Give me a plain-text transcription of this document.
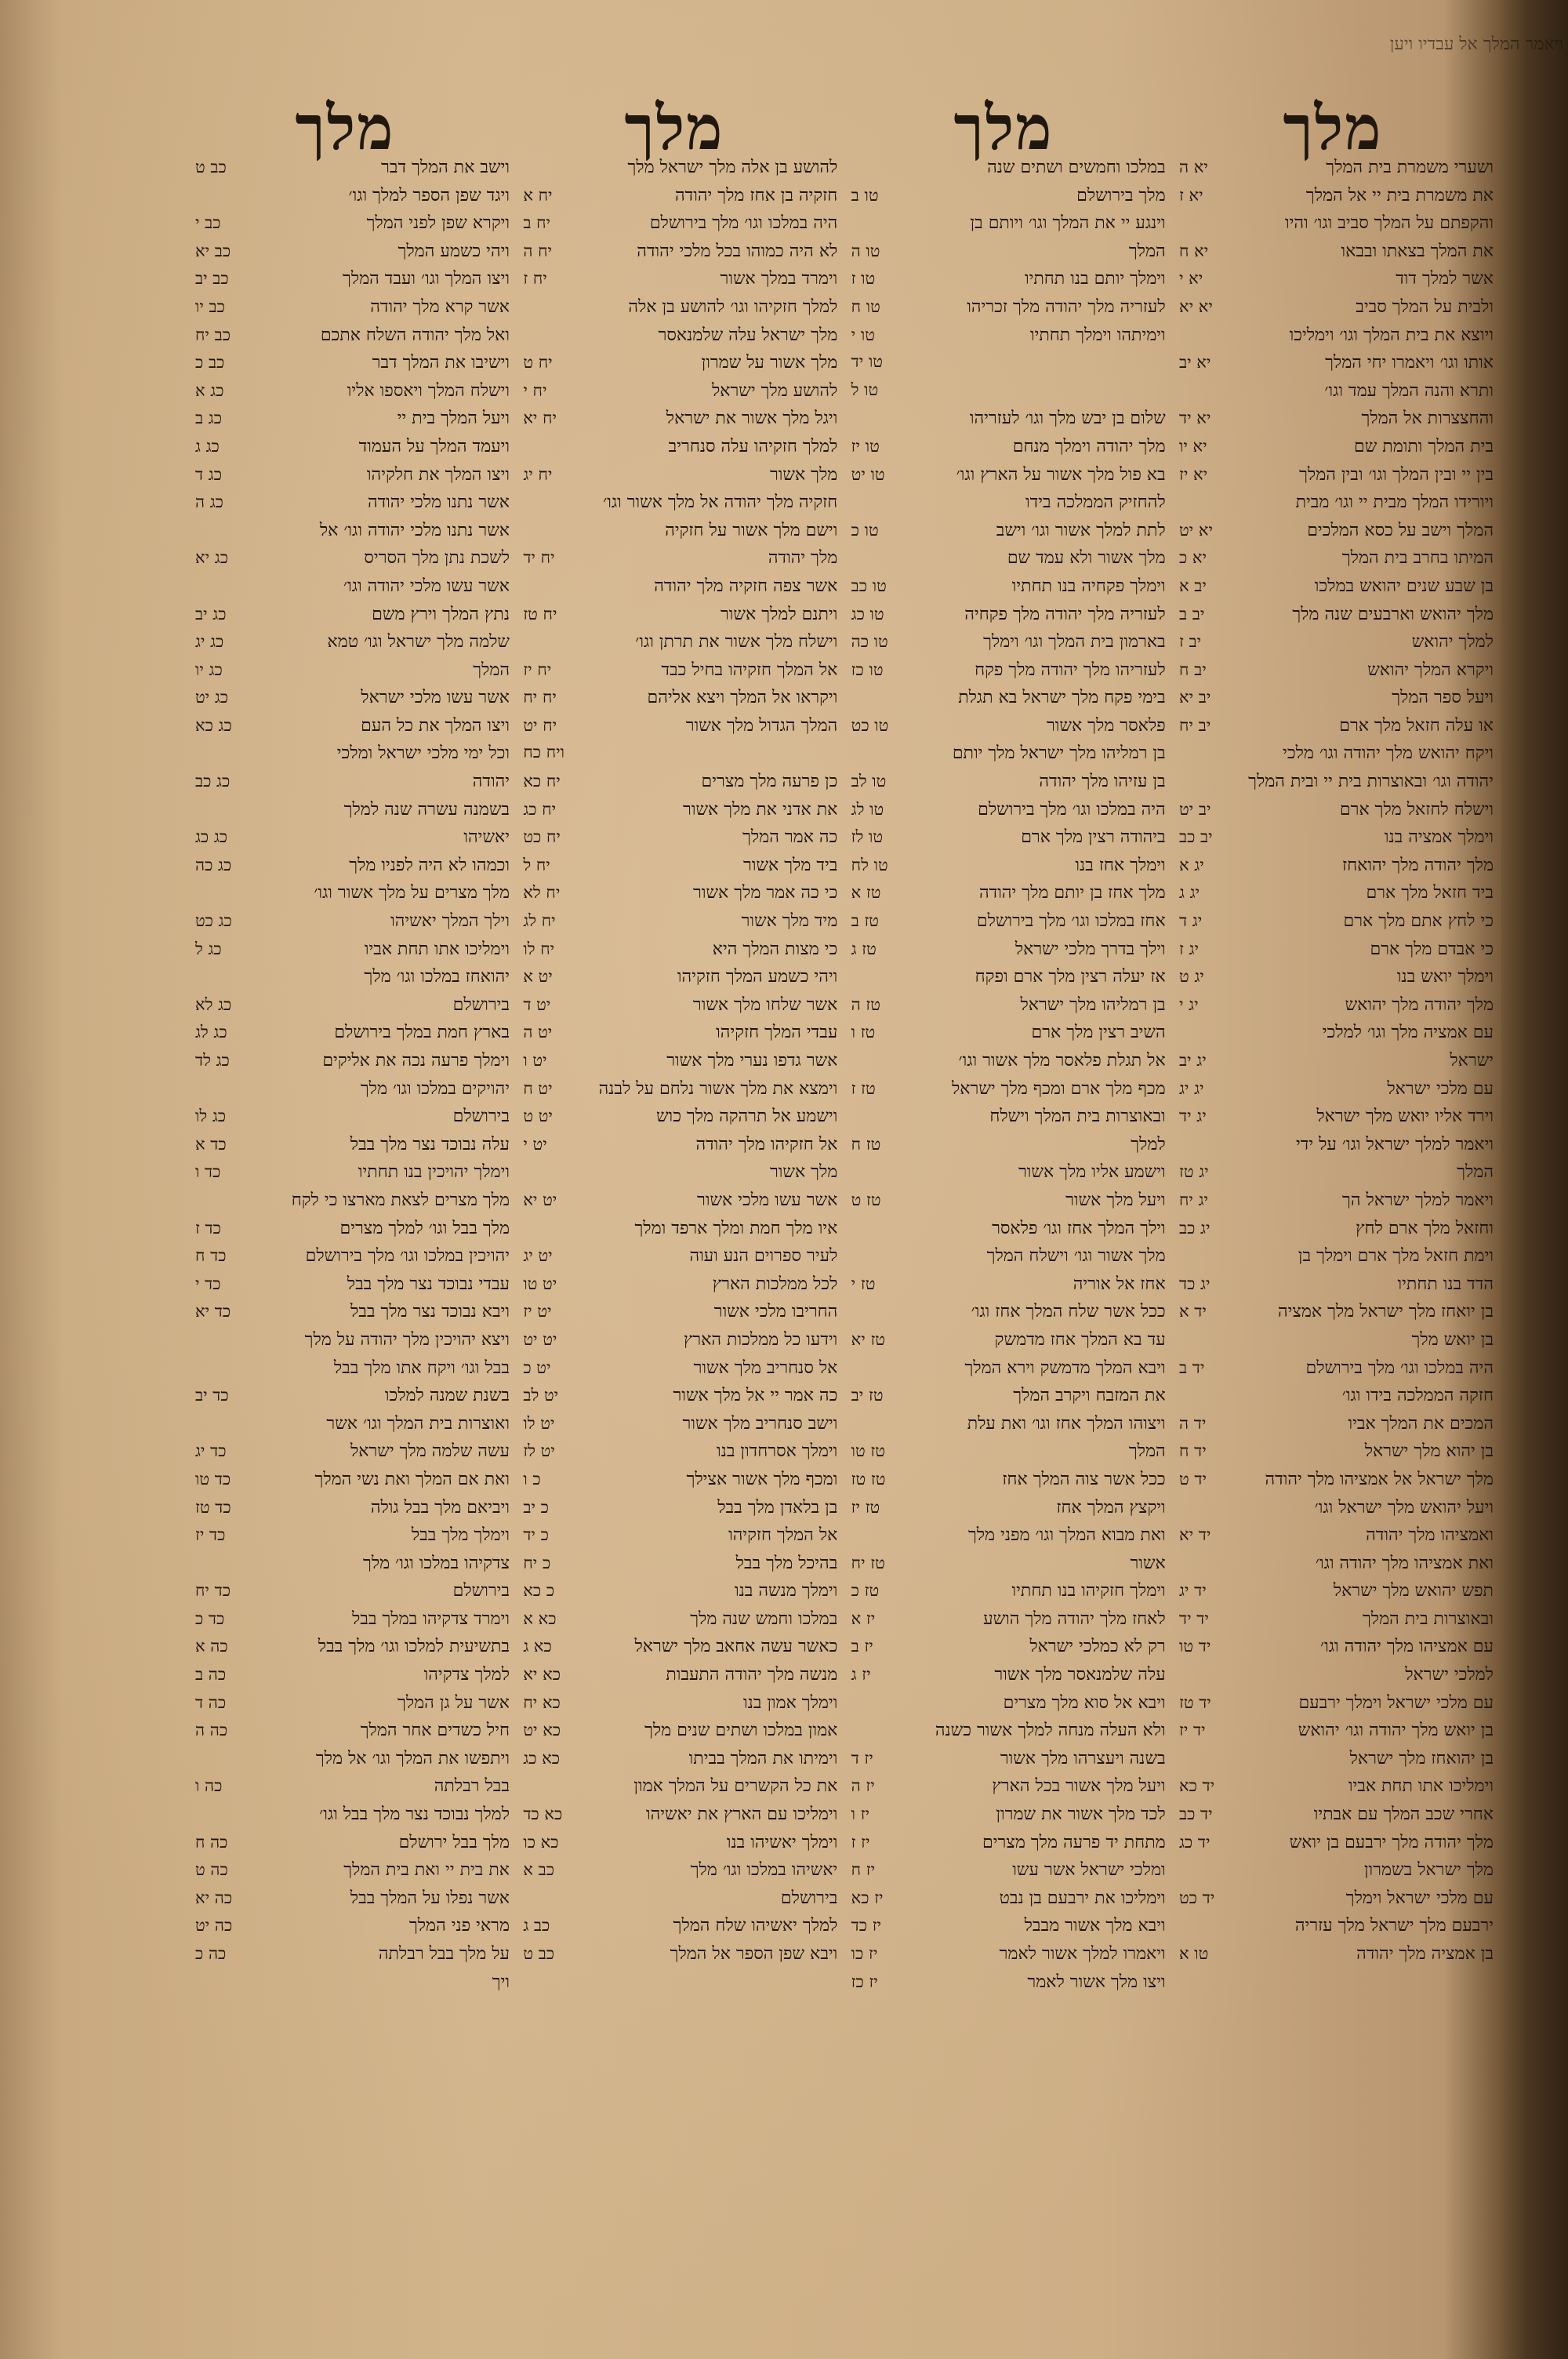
ויאמר המלך אל עבדיו ויען
מלך
מלך
מלך
מלך
ושערי משמרת בית המלך
יא ה
את משמרת בית יי אל המלך
יא ז
והקפתם על המלך סביב וגו׳ והיו
את המלך בצאתו ובבאו
יא ח
אשר למלך דוד
יא י
ולבית על המלך סביב
יא יא
ויוצא את בית המלך וגו׳ וימליכו
אותו וגו׳ ויאמרו יחי המלך
יא יב
ותרא והנה המלך עמד וגו׳
והחצצרות אל המלך
יא יד
בית המלך ותומת שם
יא יו
בין יי ובין המלך וגו׳ ובין המלך
יא יז
ויורידו המלך מבית יי וגו׳ מבית
המלך וישב על כסא המלכים
יא יט
המיתו בחרב בית המלך
יא כ
בן שבע שנים יהואש במלכו
יב א
מלך יהואש וארבעים שנה מלך
יב ב
למלך יהואש
יב ז
ויקרא המלך יהואש
יב ח
ויעל ספר המלך
יב יא
או עלה חזאל מלך ארם
יב יח
ויקח יהואש מלך יהודה וגו׳ מלכי
יהודה וגו׳ ובאוצרות בית יי ובית המלך
וישלח לחזאל מלך ארם
יב יט
וימלך אמציה בנו
יב כב
מלך יהודה מלך יהואחז
יג א
ביד חזאל מלך ארם
יג ג
כי לחץ אתם מלך ארם
יג ד
כי אבדם מלך ארם
יג ז
וימלך יואש בנו
יג ט
מלך יהודה מלך יהואש
יג י
עם אמציה מלך וגו׳ למלכי
ישראל
יג יב
עם מלכי ישראל
יג יג
וירד אליו יואש מלך ישראל
יג יד
ויאמר למלך ישראל וגו׳ על ידי
המלך
יג טז
ויאמר למלך ישראל הך
יג יח
וחזאל מלך ארם לחץ
יג כב
וימת חזאל מלך ארם וימלך בן
הדד בנו תחתיו
יג כד
בן יואחז מלך ישראל מלך אמציה
יד א
בן יואש מלך
היה במלכו וגו׳ מלך בירושלם
יד ב
חזקה הממלכה בידו וגו׳
המכים את המלך אביו
יד ה
בן יהוא מלך ישראל
יד ח
מלך ישראל אל אמציהו מלך יהודה
יד ט
ויעל יהואש מלך ישראל וגו׳
ואמציהו מלך יהודה
יד יא
ואת אמציהו מלך יהודה וגו׳
תפש יהואש מלך ישראל
יד יג
ובאוצרות בית המלך
יד יד
עם אמציהו מלך יהודה וגו׳
יד טו
למלכי ישראל
עם מלכי ישראל וימלך ירבעם
יד טז
בן יואש מלך יהודה וגו׳ יהואש
יד יז
בן יהואחז מלך ישראל
וימליכו אתו תחת אביו
יד כא
אחרי שכב המלך עם אבתיו
יד כב
מלך יהודה מלך ירבעם בן יואש
יד כג
מלך ישראל בשמרון
עם מלכי ישראל וימלך
יד כט
ירבעם מלך ישראל מלך עזריה
בן אמציה מלך יהודה
טו א
במלכו וחמשים ושתים שנה
מלך בירושלם
טו ב
וינגע יי את המלך וגו׳ ויותם בן
המלך
טו ה
וימלך יותם בנו תחתיו
טו ז
לעזריה מלך יהודה מלך זכריהו
טו ח
וימיתהו וימלך תחתיו
טו י
טו יד
טו ל
שלום בן יבש מלך וגו׳ לעזריהו
מלך יהודה וימלך מנחם
טו יז
בא פול מלך אשור על הארץ וגו׳
טו יט
להחזיק הממלכה בידו
לתת למלך אשור וגו׳ וישב
טו כ
מלך אשור ולא עמד שם
וימלך פקחיה בנו תחתיו
טו כב
לעזריה מלך יהודה מלך פקחיה
טו כג
בארמון בית המלך וגו׳ וימלך
טו כה
לעזריהו מלך יהודה מלך פקח
טו כז
בימי פקח מלך ישראל בא תגלת
פלאסר מלך אשור
טו כט
בן רמליהו מלך ישראל מלך יותם
בן עזיהו מלך יהודה
טו לב
היה במלכו וגו׳ מלך בירושלם
טו לג
ביהודה רצין מלך ארם
טו לז
וימלך אחז בנו
טו לח
מלך אחז בן יותם מלך יהודה
טז א
אחז במלכו וגו׳ מלך בירושלם
טז ב
וילך בדרך מלכי ישראל
טז ג
אז יעלה רצין מלך ארם ופקח
בן רמליהו מלך ישראל
טז ה
השיב רצין מלך ארם
טז ו
אל תגלת פלאסר מלך אשור וגו׳
מכף מלך ארם ומכף מלך ישראל
טז ז
ובאוצרות בית המלך וישלח
למלך
טז ח
וישמע אליו מלך אשור
ויעל מלך אשור
טז ט
וילך המלך אחז וגו׳ פלאסר
מלך אשור וגו׳ וישלח המלך
אחז אל אוריה
טז י
ככל אשר שלח המלך אחז וגו׳
עד בא המלך אחז מדמשק
טז יא
ויבא המלך מדמשק וירא המלך
את המזבח ויקרב המלך
טז יב
ויצוהו המלך אחז וגו׳ ואת עלת
המלך
טז טו
ככל אשר צוה המלך אחז
טז טז
ויקצץ המלך אחז
טז יז
ואת מבוא המלך וגו׳ מפני מלך
אשור
טז יח
וימלך חזקיהו בנו תחתיו
טז כ
לאחז מלך יהודה מלך הושע
יז א
רק לא כמלכי ישראל
יז ב
עלה שלמנאסר מלך אשור
יז ג
ויבא אל סוא מלך מצרים
ולא העלה מנחה למלך אשור כשנה
בשנה ויעצרהו מלך אשור
יז ד
ויעל מלך אשור בכל הארץ
יז ה
לכד מלך אשור את שמרון
יז ו
מתחת יד פרעה מלך מצרים
יז ז
ומלכי ישראל אשר עשו
יז ח
וימליכו את ירבעם בן נבט
יז כא
ויבא מלך אשור מבבל
יז כד
ויאמרו למלך אשור לאמר
יז כו
ויצו מלך אשור לאמר
יז כז
להושע בן אלה מלך ישראל מלך
חזקיה בן אחז מלך יהודה
יח א
היה במלכו וגו׳ מלך בירושלם
יח ב
לא היה כמוהו בכל מלכי יהודה
יח ה
וימרד במלך אשור
יח ז
למלך חזקיהו וגו׳ להושע בן אלה
מלך ישראל עלה שלמנאסר
מלך אשור על שמרון
יח ט
להושע מלך ישראל
יח י
ויגל מלך אשור את ישראל
יח יא
למלך חזקיהו עלה סנחריב
מלך אשור
יח יג
חזקיה מלך יהודה אל מלך אשור וגו׳
וישם מלך אשור על חזקיה
מלך יהודה
יח יד
אשר צפה חזקיה מלך יהודה
ויתנם למלך אשור
יח טז
וישלח מלך אשור את תרתן וגו׳
אל המלך חזקיהו בחיל כבד
יח יז
ויקראו אל המלך ויצא אליהם
יח יח
המלך הגדול מלך אשור
יח יט
ויח כח
כן פרעה מלך מצרים
יח כא
את אדני את מלך אשור
יח כג
כה אמר המלך
יח כט
ביד מלך אשור
יח ל
כי כה אמר מלך אשור
יח לא
מיד מלך אשור
יח לג
כי מצות המלך היא
יח לו
ויהי כשמע המלך חזקיהו
יט א
אשר שלחו מלך אשור
יט ד
עבדי המלך חזקיהו
יט ה
אשר גדפו נערי מלך אשור
יט ו
וימצא את מלך אשור נלחם על לבנה
יט ח
וישמע אל תרהקה מלך כוש
יט ט
אל חזקיהו מלך יהודה
יט י
מלך אשור
אשר עשו מלכי אשור
יט יא
איו מלך חמת ומלך ארפד ומלך
לעיר ספרוים הנע ועוה
יט יג
לכל ממלכות הארץ
יט טו
החריבו מלכי אשור
יט יז
וידעו כל ממלכות הארץ
יט יט
אל סנחריב מלך אשור
יט כ
כה אמר יי אל מלך אשור
יט לב
וישב סנחריב מלך אשור
יט לו
וימלך אסרחדון בנו
יט לז
ומכף מלך אשור אצילך
כ ו
בן בלאדן מלך בבל
כ יב
אל המלך חזקיהו
כ יד
בהיכל מלך בבל
כ יח
וימלך מנשה בנו
כ כא
במלכו וחמש שנה מלך
כא א
כאשר עשה אחאב מלך ישראל
כא ג
מנשה מלך יהודה התעבות
כא יא
וימלך אמון בנו
כא יח
אמון במלכו ושתים שנים מלך
כא יט
וימיתו את המלך בביתו
כא כג
את כל הקשרים על המלך אמון
וימליכו עם הארץ את יאשיהו
כא כד
וימלך יאשיהו בנו
כא כו
יאשיהו במלכו וגו׳ מלך
כב א
בירושלם
למלך יאשיהו שלח המלך
כב ג
ויבא שפן הספר אל המלך
כב ט
וישב את המלך דבר
כב ט
ויגד שפן הספר למלך וגו׳
ויקרא שפן לפני המלך
כב י
ויהי כשמע המלך
כב יא
ויצו המלך וגו׳ ועבד המלך
כב יב
אשר קרא מלך יהודה
כב יו
ואל מלך יהודה השלח אתכם
כב יח
וישיבו את המלך דבר
כב כ
וישלח המלך ויאספו אליו
כג א
ויעל המלך בית יי
כג ב
ויעמד המלך על העמוד
כג ג
ויצו המלך את חלקיהו
כג ד
אשר נתנו מלכי יהודה
כג ה
אשר נתנו מלכי יהודה וגו׳ אל
לשכת נתן מלך הסריס
כג יא
אשר עשו מלכי יהודה וגו׳
נתץ המלך וירץ משם
כג יב
שלמה מלך ישראל וגו׳ טמא
כג יג
המלך
כג יו
אשר עשו מלכי ישראל
כג יט
ויצו המלך את כל העם
כג כא
וכל ימי מלכי ישראל ומלכי
יהודה
כג כב
בשמנה עשרה שנה למלך
יאשיהו
כג כג
וכמהו לא היה לפניו מלך
כג כה
מלך מצרים על מלך אשור וגו׳
וילך המלך יאשיהו
כג כט
וימליכו אתו תחת אביו
כג ל
יהואחז במלכו וגו׳ מלך
בירושלם
כג לא
בארץ חמת במלך בירושלם
כג לג
וימלך פרעה נכה את אליקים
כג לד
יהויקים במלכו וגו׳ מלך
בירושלם
כג לו
עלה נבוכד נצר מלך בבל
כד א
וימלך יהויכין בנו תחתיו
כד ו
מלך מצרים לצאת מארצו כי לקח
מלך בבל וגו׳ למלך מצרים
כד ז
יהויכין במלכו וגו׳ מלך בירושלם
כד ח
עבדי נבוכד נצר מלך בבל
כד י
ויבא נבוכד נצר מלך בבל
כד יא
ויצא יהויכין מלך יהודה על מלך
בבל וגו׳ ויקח אתו מלך בבל
בשנת שמנה למלכו
כד יב
ואוצרות בית המלך וגו׳ אשר
עשה שלמה מלך ישראל
כד יג
ואת אם המלך ואת נשי המלך
כד טו
ויביאם מלך בבל גולה
כד טז
וימלך מלך בבל
כד יז
צדקיהו במלכו וגו׳ מלך
בירושלם
כד יח
וימרד צדקיהו במלך בבל
כד כ
בתשיעית למלכו וגו׳ מלך בבל
כה א
למלך צדקיהו
כה ב
אשר על גן המלך
כה ד
חיל כשדים אחר המלך
כה ה
ויתפשו את המלך וגו׳ אל מלך
בבל רבלתה
כה ו
למלך נבוכד נצר מלך בבל וגו׳
מלך בבל ירושלם
כה ח
את בית יי ואת בית המלך
כה ט
אשר נפלו על המלך בבל
כה יא
מראי פני המלך
כה יט
על מלך בבל רבלתה
כה כ
ויך
